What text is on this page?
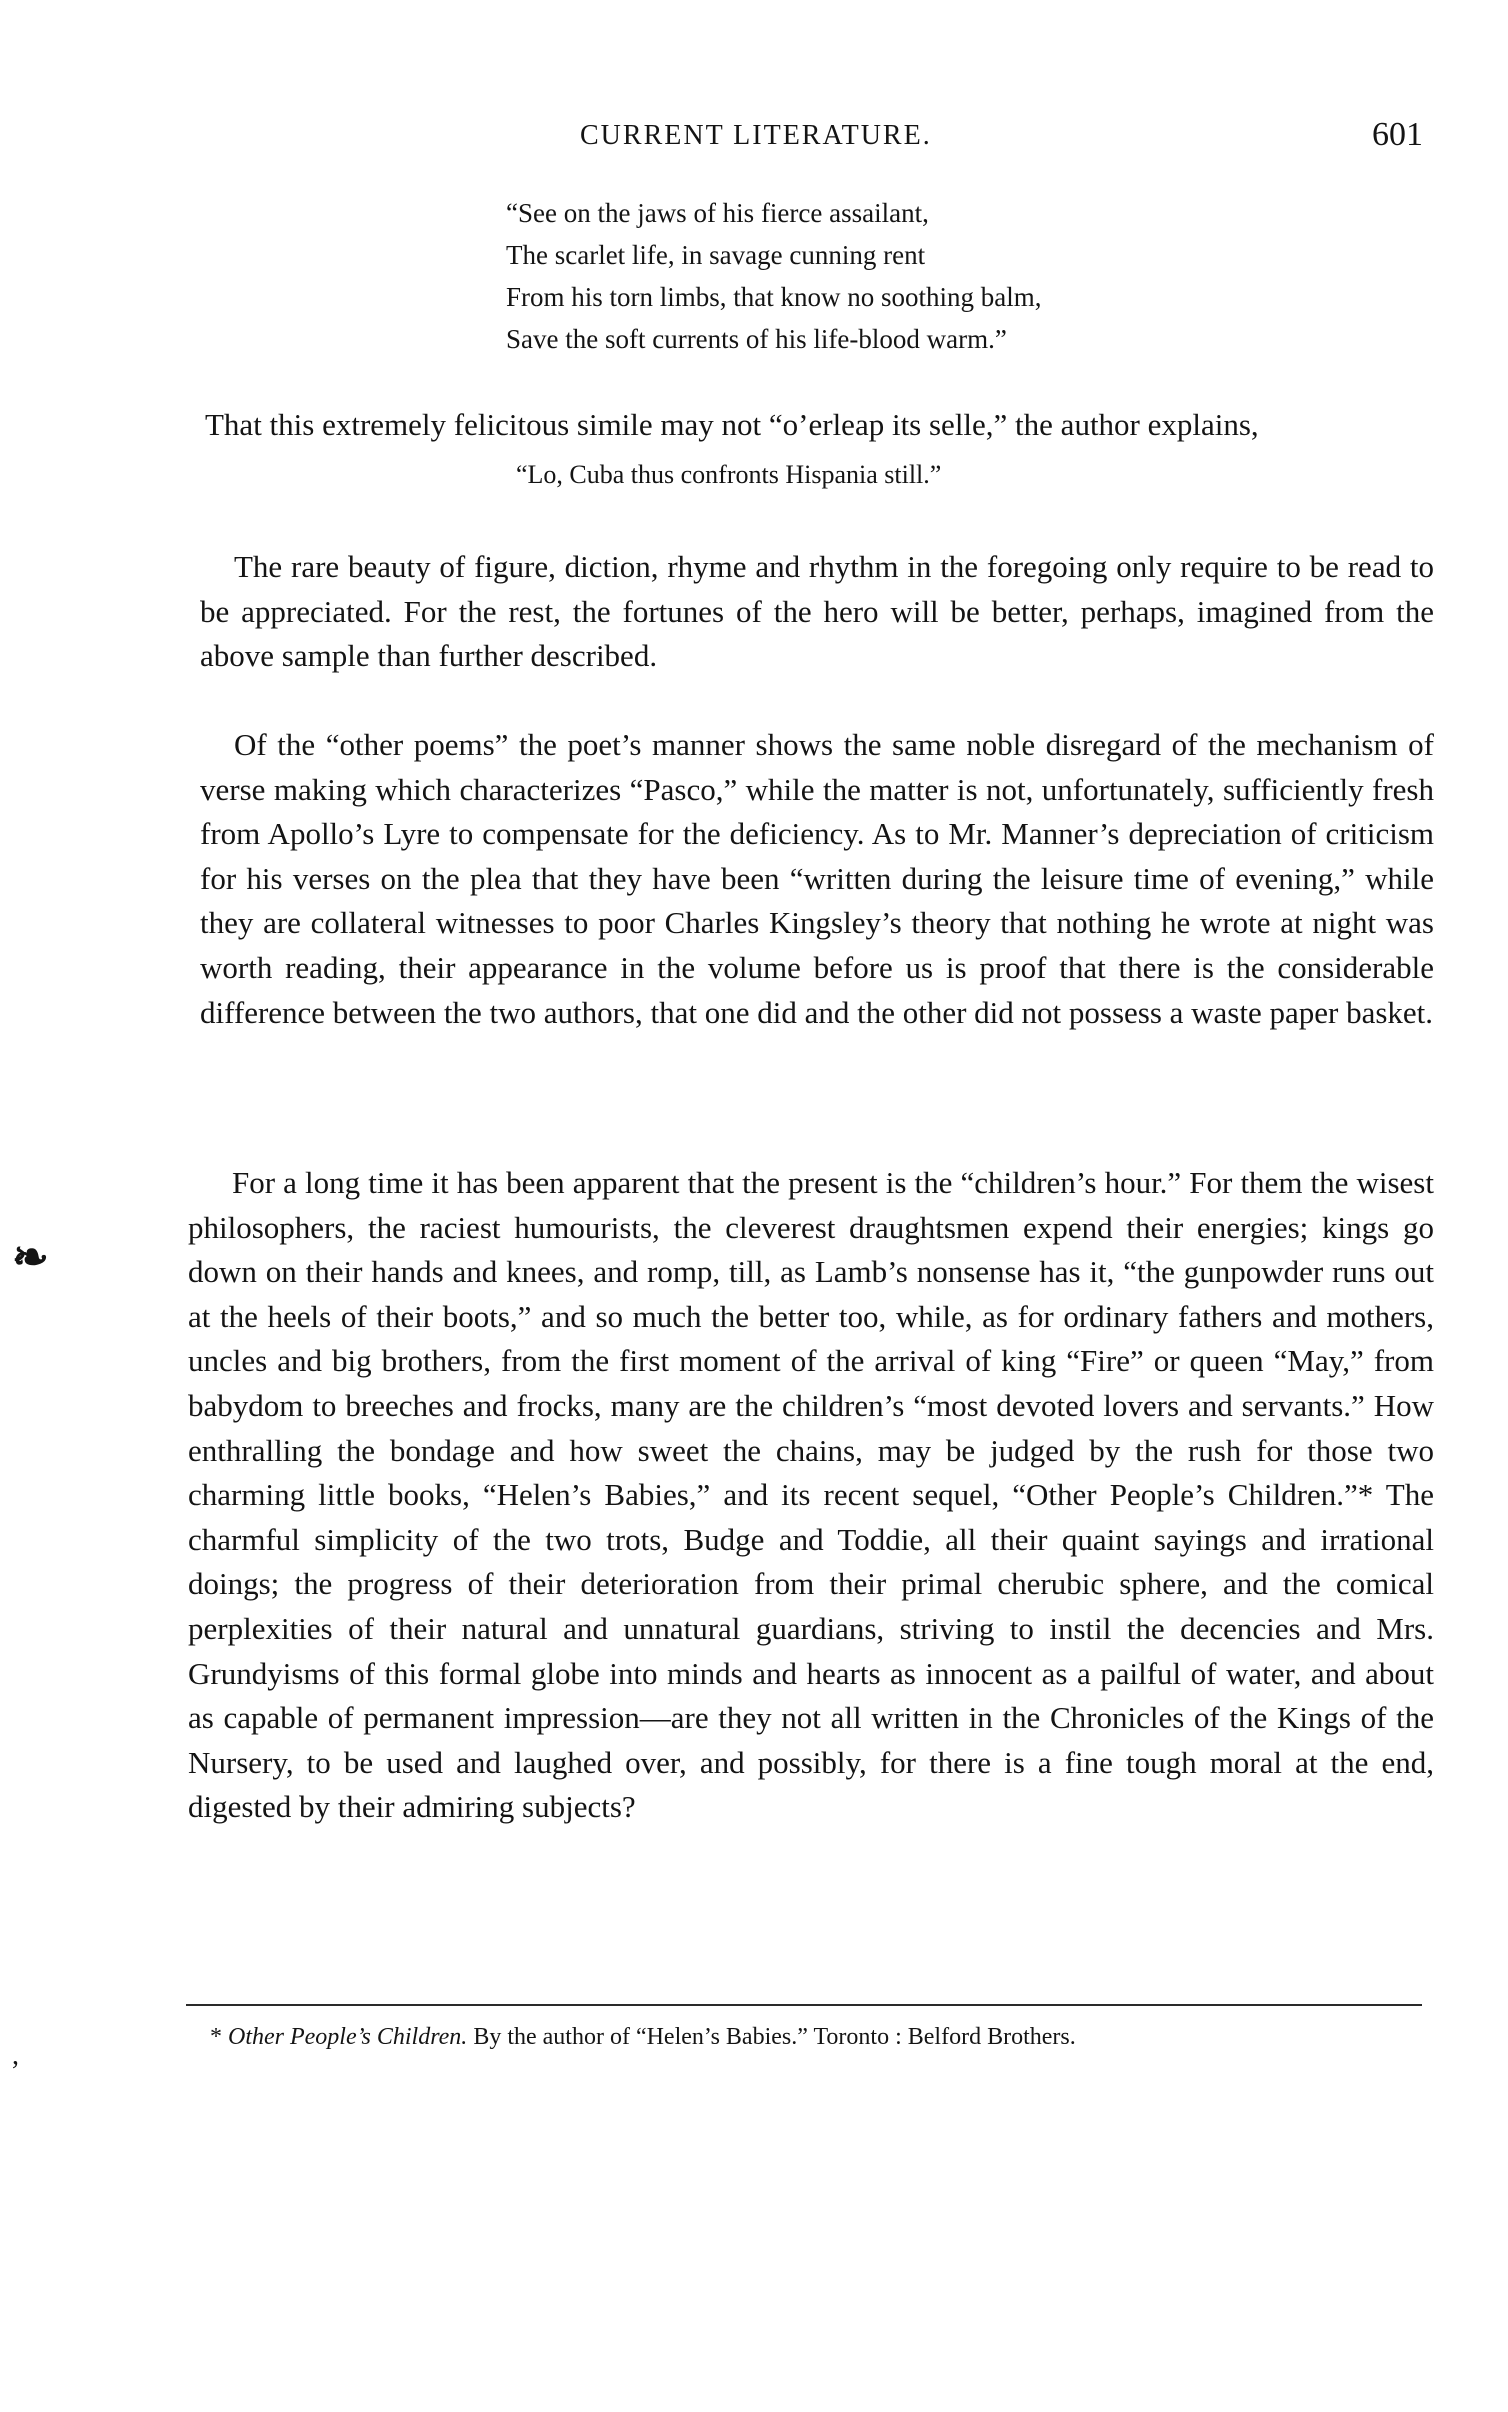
CURRENT LITERATURE.	601
“See on the jaws of his fierce assailant,
The scarlet life, in savage cunning rent
From his torn limbs, that know no soothing balm,
Save the soft currents of his life-blood warm.”

That this extremely felicitous simile may not “o’erleap its selle,” the author explains,

“Lo, Cuba thus confronts Hispania still.”

The rare beauty of figure, diction, rhyme and rhythm in the foregoing only require to be read to be appreciated. For the rest, the fortunes of the hero will be better, perhaps, imagined from the above sample than further described.

Of the “other poems” the poet’s manner shows the same noble disregard of the mechanism of verse making which characterizes “Pasco,” while the matter is not, unfortunately, sufficiently fresh from Apollo’s Lyre to compensate for the deficiency. As to Mr. Manner’s depreciation of criticism for his verses on the plea that they have been “written during the leisure time of evening,” while they are collateral witnesses to poor Charles Kingsley’s theory that nothing he wrote at night was worth reading, their appearance in the volume before us is proof that there is the considerable difference between the two authors, that one did and the other did not possess a waste paper basket.

For a long time it has been apparent that the present is the “children’s hour.” For them the wisest philosophers, the raciest humourists, the cleverest draughtsmen expend their energies; kings go down on their hands and knees, and romp, till, as Lamb’s nonsense has it, “the gunpowder runs out at the heels of their boots,” and so much the better too, while, as for ordinary fathers and mothers, uncles and big brothers, from the first moment of the arrival of king “Fire” or queen “May,” from babydom to breeches and frocks, many are the children’s “most devoted lovers and servants.” How enthralling the bondage and how sweet the chains, may be judged by the rush for those two charming little books, “Helen’s Babies,” and its recent sequel, “Other People’s Children.”* The charmful simplicity of the two trots, Budge and Toddie, all their quaint sayings and irrational doings; the progress of their deterioration from their primal cherubic sphere, and the comical perplexities of their natural and unnatural guardians, striving to instil the decencies and Mrs. Grundyisms of this formal globe into minds and hearts as innocent as a pailful of water, and about as capable of permanent impression—are they not all written in the Chronicles of the Kings of the Nursery, to be used and laughed over, and possibly, for there is a fine tough moral at the end, digested by their admiring subjects?

❧
,
* Other People’s Children. By the author of “Helen’s Babies.” Toronto : Belford Brothers.
